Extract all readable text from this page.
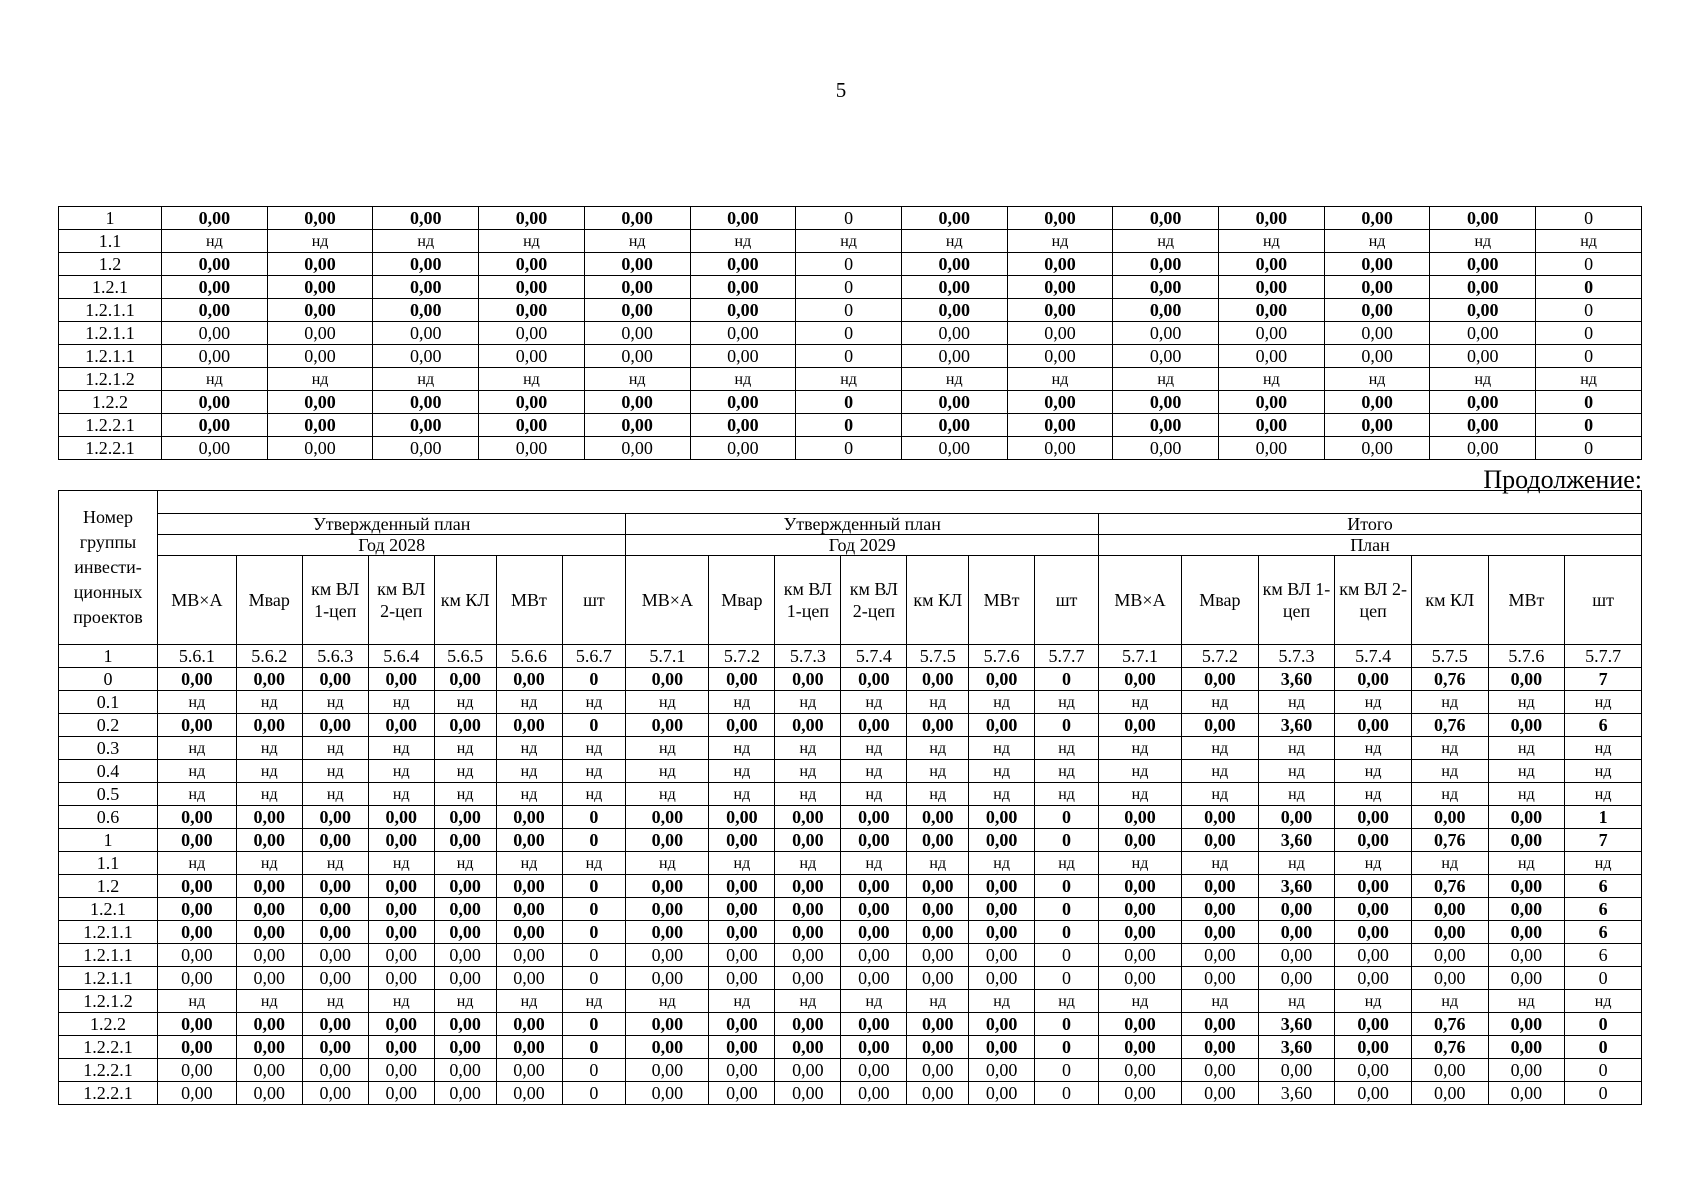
5
1	0,00	0,00	0,00	0,00	0,00	0,00	0	0,00	0,00	0,00	0,00	0,00	0,00	0
1.1	нд	нд	нд	нд	нд	нд	нд	нд	нд	нд	нд	нд	нд	нд
1.2	0,00	0,00	0,00	0,00	0,00	0,00	0	0,00	0,00	0,00	0,00	0,00	0,00	0
1.2.1	0,00	0,00	0,00	0,00	0,00	0,00	0	0,00	0,00	0,00	0,00	0,00	0,00	0
1.2.1.1	0,00	0,00	0,00	0,00	0,00	0,00	0	0,00	0,00	0,00	0,00	0,00	0,00	0
1.2.1.1	0,00	0,00	0,00	0,00	0,00	0,00	0	0,00	0,00	0,00	0,00	0,00	0,00	0
1.2.1.1	0,00	0,00	0,00	0,00	0,00	0,00	0	0,00	0,00	0,00	0,00	0,00	0,00	0
1.2.1.2	нд	нд	нд	нд	нд	нд	нд	нд	нд	нд	нд	нд	нд	нд
1.2.2	0,00	0,00	0,00	0,00	0,00	0,00	0	0,00	0,00	0,00	0,00	0,00	0,00	0
1.2.2.1	0,00	0,00	0,00	0,00	0,00	0,00	0	0,00	0,00	0,00	0,00	0,00	0,00	0
1.2.2.1	0,00	0,00	0,00	0,00	0,00	0,00	0	0,00	0,00	0,00	0,00	0,00	0,00	0
Продолжение:
Номер группы инвести-ционных проектов																					
	Утвержденный план							Утвержденный план							Итого						
	Год 2028							Год 2029							План						
	МВ×А	Мвар	км ВЛ 1-цеп	км ВЛ 2-цеп	км КЛ	МВт	шт	МВ×А	Мвар	км ВЛ 1-цеп	км ВЛ 2-цеп	км КЛ	МВт	шт	МВ×А	Мвар	км ВЛ 1-цеп	км ВЛ 2-цеп	км КЛ	МВт	шт
1	5.6.1	5.6.2	5.6.3	5.6.4	5.6.5	5.6.6	5.6.7	5.7.1	5.7.2	5.7.3	5.7.4	5.7.5	5.7.6	5.7.7	5.7.1	5.7.2	5.7.3	5.7.4	5.7.5	5.7.6	5.7.7
0	0,00	0,00	0,00	0,00	0,00	0,00	0	0,00	0,00	0,00	0,00	0,00	0,00	0	0,00	0,00	3,60	0,00	0,76	0,00	7
0.1	нд	нд	нд	нд	нд	нд	нд	нд	нд	нд	нд	нд	нд	нд	нд	нд	нд	нд	нд	нд	нд
0.2	0,00	0,00	0,00	0,00	0,00	0,00	0	0,00	0,00	0,00	0,00	0,00	0,00	0	0,00	0,00	3,60	0,00	0,76	0,00	6
0.3	нд	нд	нд	нд	нд	нд	нд	нд	нд	нд	нд	нд	нд	нд	нд	нд	нд	нд	нд	нд	нд
0.4	нд	нд	нд	нд	нд	нд	нд	нд	нд	нд	нд	нд	нд	нд	нд	нд	нд	нд	нд	нд	нд
0.5	нд	нд	нд	нд	нд	нд	нд	нд	нд	нд	нд	нд	нд	нд	нд	нд	нд	нд	нд	нд	нд
0.6	0,00	0,00	0,00	0,00	0,00	0,00	0	0,00	0,00	0,00	0,00	0,00	0,00	0	0,00	0,00	0,00	0,00	0,00	0,00	1
1	0,00	0,00	0,00	0,00	0,00	0,00	0	0,00	0,00	0,00	0,00	0,00	0,00	0	0,00	0,00	3,60	0,00	0,76	0,00	7
1.1	нд	нд	нд	нд	нд	нд	нд	нд	нд	нд	нд	нд	нд	нд	нд	нд	нд	нд	нд	нд	нд
1.2	0,00	0,00	0,00	0,00	0,00	0,00	0	0,00	0,00	0,00	0,00	0,00	0,00	0	0,00	0,00	3,60	0,00	0,76	0,00	6
1.2.1	0,00	0,00	0,00	0,00	0,00	0,00	0	0,00	0,00	0,00	0,00	0,00	0,00	0	0,00	0,00	0,00	0,00	0,00	0,00	6
1.2.1.1	0,00	0,00	0,00	0,00	0,00	0,00	0	0,00	0,00	0,00	0,00	0,00	0,00	0	0,00	0,00	0,00	0,00	0,00	0,00	6
1.2.1.1	0,00	0,00	0,00	0,00	0,00	0,00	0	0,00	0,00	0,00	0,00	0,00	0,00	0	0,00	0,00	0,00	0,00	0,00	0,00	6
1.2.1.1	0,00	0,00	0,00	0,00	0,00	0,00	0	0,00	0,00	0,00	0,00	0,00	0,00	0	0,00	0,00	0,00	0,00	0,00	0,00	0
1.2.1.2	нд	нд	нд	нд	нд	нд	нд	нд	нд	нд	нд	нд	нд	нд	нд	нд	нд	нд	нд	нд	нд
1.2.2	0,00	0,00	0,00	0,00	0,00	0,00	0	0,00	0,00	0,00	0,00	0,00	0,00	0	0,00	0,00	3,60	0,00	0,76	0,00	0
1.2.2.1	0,00	0,00	0,00	0,00	0,00	0,00	0	0,00	0,00	0,00	0,00	0,00	0,00	0	0,00	0,00	3,60	0,00	0,76	0,00	0
1.2.2.1	0,00	0,00	0,00	0,00	0,00	0,00	0	0,00	0,00	0,00	0,00	0,00	0,00	0	0,00	0,00	0,00	0,00	0,00	0,00	0
1.2.2.1	0,00	0,00	0,00	0,00	0,00	0,00	0	0,00	0,00	0,00	0,00	0,00	0,00	0	0,00	0,00	3,60	0,00	0,00	0,00	0
